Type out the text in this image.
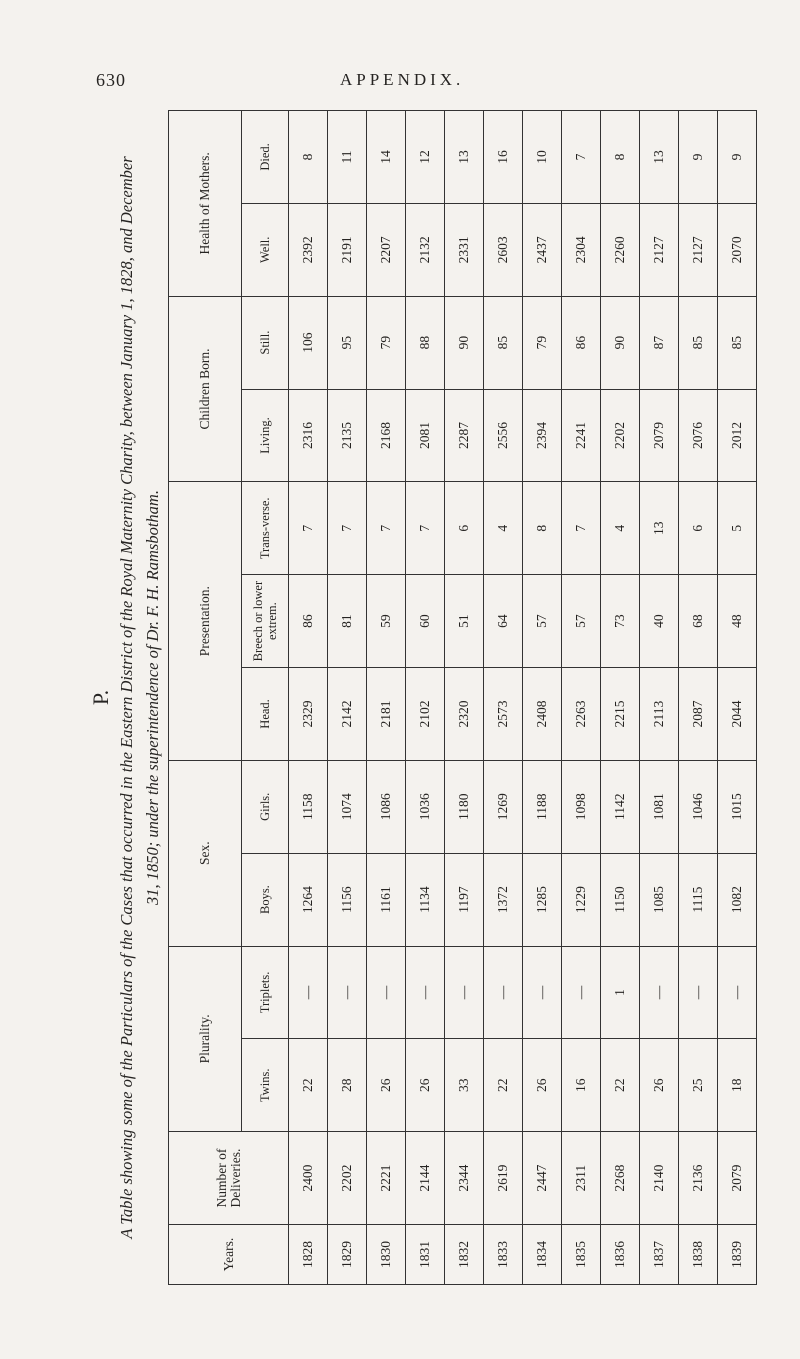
630	APPENDIX.
P. A Table showing some of the Particulars of the Cases that occurred in the Eastern District of the Royal Maternity Charity, between January 1, 1828, and December 31, 1850; under the superintendence of Dr. F. H. Ramsbotham.
Years.	Number of Deliveries.	Plurality.		Sex.		Presentation.			Children Born.		Health of Mothers.	
		Twins.	Triplets.	Boys.	Girls.	Head.	Breech or lower extrem.	Trans-verse.	Living.	Still.	Well.	Died.
1828	2400	22	—	1264	1158	2329	86	7	2316	106	2392	8
1829	2202	28	—	1156	1074	2142	81	7	2135	95	2191	11
1830	2221	26	—	1161	1086	2181	59	7	2168	79	2207	14
1831	2144	26	—	1134	1036	2102	60	7	2081	88	2132	12
1832	2344	33	—	1197	1180	2320	51	6	2287	90	2331	13
1833	2619	22	—	1372	1269	2573	64	4	2556	85	2603	16
1834	2447	26	—	1285	1188	2408	57	8	2394	79	2437	10
1835	2311	16	—	1229	1098	2263	57	7	2241	86	2304	7
1836	2268	22	1	1150	1142	2215	73	4	2202	90	2260	8
1837	2140	26	—	1085	1081	2113	40	13	2079	87	2127	13
1838	2136	25	—	1115	1046	2087	68	6	2076	85	2127	9
1839	2079	18	—	1082	1015	2044	48	5	2012	85	2070	9
